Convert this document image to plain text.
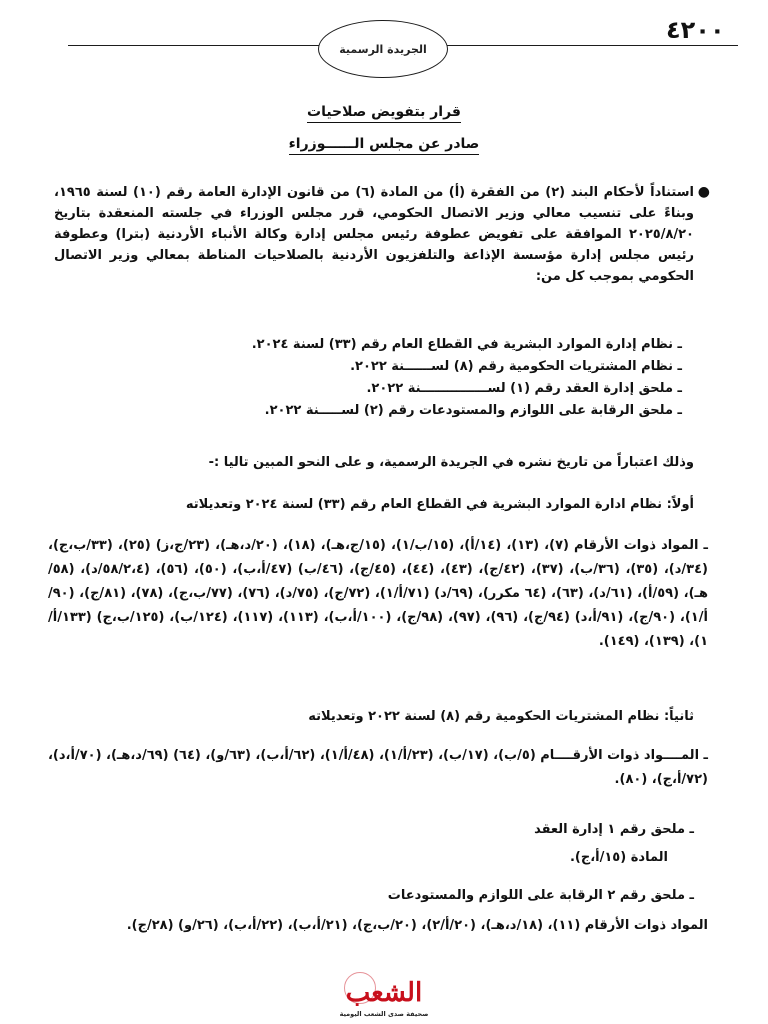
الجريدة الرسمية
٤٢٠٠
قرار بتفويض صلاحيات
صادر عن مجلس الــــــوزراء
●
استناداً لأحكام البند (٢) من الفقرة (أ) من المادة (٦) من قانون الإدارة العامة رقم (١٠) لسنة ١٩٦٥، وبناءً على تنسيب معالي وزير الاتصال الحكومي، قرر مجلس الوزراء في جلسته المنعقدة بتاريخ ٢٠٢٥/٨/٢٠ الموافقة على تفويض عطوفة رئيس مجلس إدارة وكالة الأنباء الأردنية (بترا) وعطوفة رئيس مجلس إدارة مؤسسة الإذاعة والتلفزيون الأردنية بالصلاحيات المناطة بمعالي وزير الاتصال الحكومي بموجب كل من:
ـ نظام إدارة الموارد البشرية في القطاع العام رقم (٣٣) لسنة ٢٠٢٤.
ـ نظام المشتريات الحكومية رقم (٨) لســــــنة ٢٠٢٢.
ـ ملحق إدارة العقد رقم (١) لســـــــــــــــنة ٢٠٢٢.
ـ ملحق الرقابة على اللوازم والمستودعات رقم (٢) لســـــنة ٢٠٢٢.
وذلك اعتباراً من تاريخ نشره في الجريدة الرسمية، و على النحو المبين تاليا :-
أولاً: نظام ادارة الموارد البشرية في القطاع العام رقم (٣٣) لسنة ٢٠٢٤ وتعديلاته
ـ المواد ذوات الأرقام (٧)، (١٣)، (١٤/أ)، (١٥/ب/١)، (١٥/ج،هـ)، (١٨)، (٢٠/د،هـ)، (٢٣/ج،ز) (٢٥)، (٣٣/ب،ج)، (٣٤/د)، (٣٥)، (٣٦/ب)، (٣٧)، (٤٢/ج)، (٤٣)، (٤٤)، (٤٥/ج)، (٤٦/ب) (٤٧/أ،ب)، (٥٠)، (٥٦)، (٥٨/٢،٤/د)، (٥٨/هـ)، (٥٩/أ)، (٦١/د)، (٦٣)، (٦٤ مكرر)، (٦٩/د) (٧١/أ/١)، (٧٢/ج)، (٧٥/د)، (٧٦)، (٧٧/ب،ج)، (٧٨)، (٨١/ج)، (٩٠/أ/١)، (٩٠/ج)، (٩١/أ،د) (٩٤/ج)، (٩٦)، (٩٧)، (٩٨/ج)، (١٠٠/أ،ب)، (١١٣)، (١١٧)، (١٢٤/ب)، (١٢٥/ب،ج) (١٣٣/أ/١)، (١٣٩)، (١٤٩).
ثانياً: نظام المشتريات الحكومية رقم (٨) لسنة ٢٠٢٢ وتعديلاته
ـ المــــواد ذوات الأرقــــام (٥/ب)، (١٧/ب)، (٢٣/أ/١)، (٤٨/أ/١)، (٦٢/أ،ب)، (٦٣/و)، (٦٤) (٦٩/د،هـ)، (٧٠/أ،د)، (٧٢/أ،ج)، (٨٠).
ـ ملحق رقم ١ إدارة العقد
المادة (١٥/أ،ج).
ـ ملحق رقم ٢ الرقابة على اللوازم والمستودعات
المواد ذوات الأرقام (١١)، (١٨/د،هـ)، (٢٠/أ/٢)، (٢٠/ب،ج)، (٢١/أ،ب)، (٢٢/أ،ب)، (٢٦/و) (٢٨/ج).
الشعب
صحيفة صدى الشعب اليومية
